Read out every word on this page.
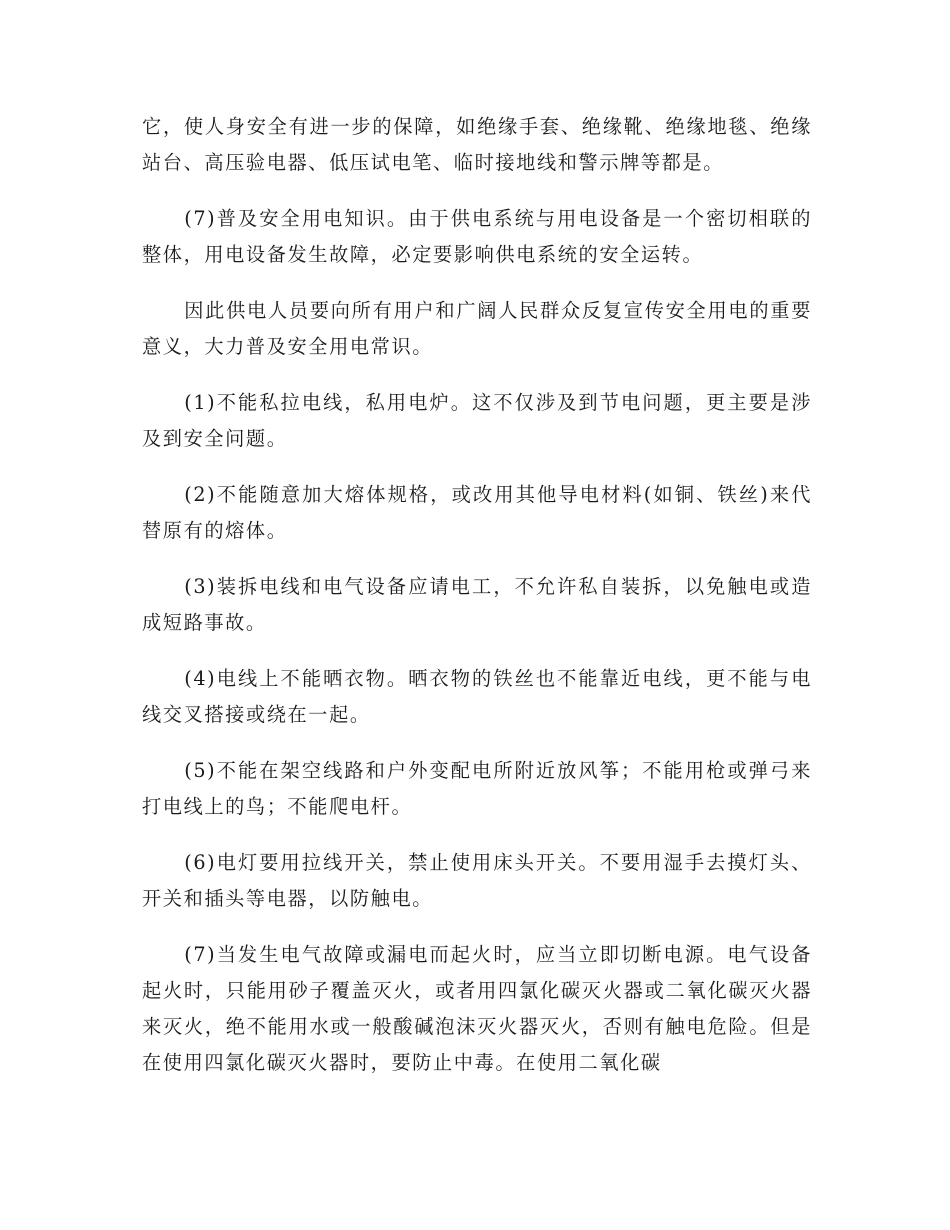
它，使人身安全有进一步的保障，如绝缘手套、绝缘靴、绝缘地毯、绝缘站台、高压验电器、低压试电笔、临时接地线和警示牌等都是。

(7)普及安全用电知识。由于供电系统与用电设备是一个密切相联的整体，用电设备发生故障，必定要影响供电系统的安全运转。

因此供电人员要向所有用户和广阔人民群众反复宣传安全用电的重要意义，大力普及安全用电常识。

(1)不能私拉电线，私用电炉。这不仅涉及到节电问题，更主要是涉及到安全问题。

(2)不能随意加大熔体规格，或改用其他导电材料(如铜、铁丝)来代替原有的熔体。

(3)装拆电线和电气设备应请电工，不允许私自装拆，以免触电或造成短路事故。

(4)电线上不能晒衣物。晒衣物的铁丝也不能靠近电线，更不能与电线交叉搭接或绕在一起。

(5)不能在架空线路和户外变配电所附近放风筝；不能用枪或弹弓来打电线上的鸟；不能爬电杆。

(6)电灯要用拉线开关，禁止使用床头开关。不要用湿手去摸灯头、开关和插头等电器，以防触电。

(7)当发生电气故障或漏电而起火时，应当立即切断电源。电气设备起火时，只能用砂子覆盖灭火，或者用四氯化碳灭火器或二氧化碳灭火器来灭火，绝不能用水或一般酸碱泡沫灭火器灭火，否则有触电危险。但是在使用四氯化碳灭火器时，要防止中毒。在使用二氧化碳
